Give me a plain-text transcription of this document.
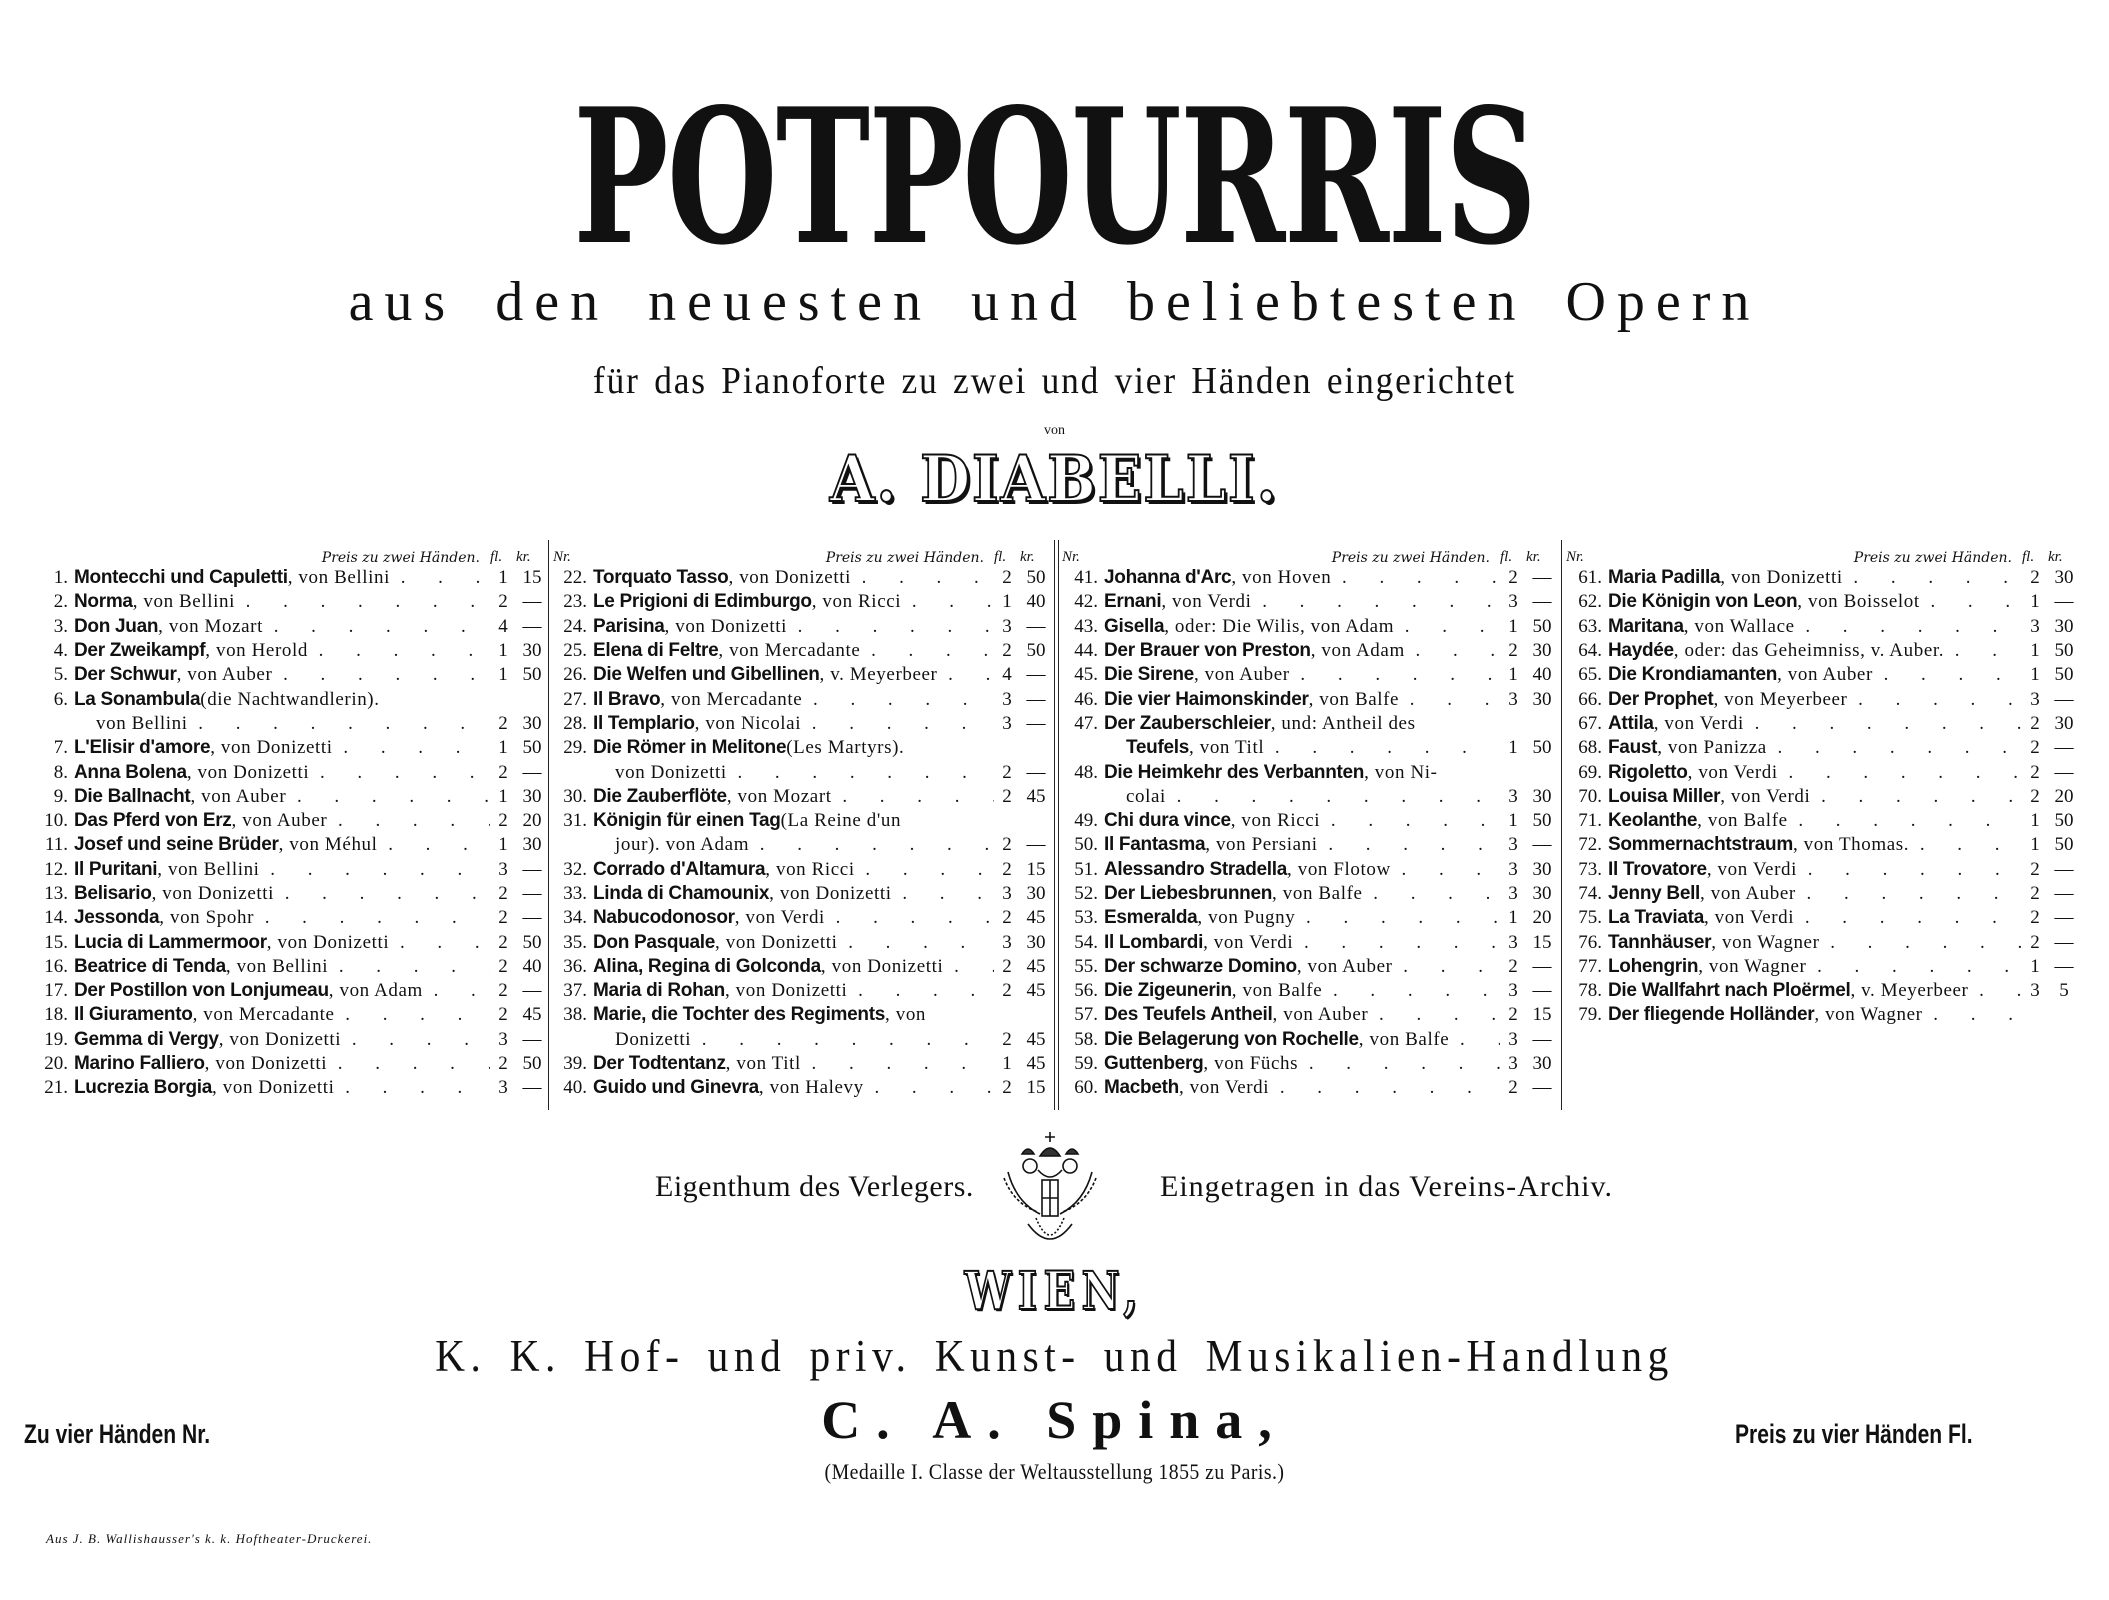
POTPOURRIS
aus den neuesten und beliebtesten Opern
für das Pianoforte zu zwei und vier Händen eingerichtet
von
A. DIABELLI.
Preis zu zwei Händen. fl. kr.
1. Montecchi und Capuletti , von Bellini .	1 15
2. Norma , von Bellini .	2 —
3. Don Juan , von Mozart .	4 —
4. Der Zweikampf , von Herold .	1 30
5. Der Schwur , von Auber .	1 50
6. La Sonambula (die Nachtwandlerin).
von Bellini .	2 30
7. L'Elisir d'amore , von Donizetti .	1 50
8. Anna Bolena , von Donizetti .	2 —
9. Die Ballnacht , von Auber .	1 30
10. Das Pferd von Erz , von Auber .	2 20
11. Josef und seine Brüder , von Méhul .	1 30
12. Il Puritani , von Bellini .	3 —
13. Belisario , von Donizetti .	2 —
14. Jessonda , von Spohr .	2 —
15. Lucia di Lammermoor , von Donizetti .	2 50
16. Beatrice di Tenda , von Bellini .	2 40
17. Der Postillon von Lonjumeau , von Adam .	2 —
18. Il Giuramento , von Mercadante .	2 45
19. Gemma di Vergy , von Donizetti .	3 —
20. Marino Falliero , von Donizetti .	2 50
21. Lucrezia Borgia , von Donizetti .	3 —
Nr.	Preis zu zwei Händen. fl. kr.
22. Torquato Tasso , von Donizetti .	2 50
23. Le Prigioni di Edimburgo , von Ricci .	1 40
24. Parisina , von Donizetti .	3 —
25. Elena di Feltre , von Mercadante .	2 50
26. Die Welfen und Gibellinen , v. Meyerbeer .	4 —
27. Il Bravo , von Mercadante .	3 —
28. Il Templario , von Nicolai .	3 —
29. Die Römer in Melitone (Les Martyrs).
von Donizetti .	2 —
30. Die Zauberflöte , von Mozart .	2 45
31. Königin für einen Tag (La Reine d'un
jour). von Adam .	2 —
32. Corrado d'Altamura , von Ricci .	2 15
33. Linda di Chamounix , von Donizetti .	3 30
34. Nabucodonosor , von Verdi .	2 45
35. Don Pasquale , von Donizetti .	3 30
36. Alina, Regina di Golconda , von Donizetti .	2 45
37. Maria di Rohan , von Donizetti .	2 45
38. Marie, die Tochter des Regiments , von
Donizetti .	2 45
39. Der Todtentanz , von Titl .	1 45
40. Guido und Ginevra , von Halevy .	2 15
Nr.	Preis zu zwei Händen. fl. kr.
41. Johanna d'Arc , von Hoven .	2 —
42. Ernani , von Verdi .	3 —
43. Gisella , oder: Die Wilis, von Adam .	1 50
44. Der Brauer von Preston , von Adam .	2 30
45. Die Sirene , von Auber .	1 40
46. Die vier Haimonskinder , von Balfe .	3 30
47. Der Zauberschleier , und: Antheil des
Teufels , von Titl .	1 50
48. Die Heimkehr des Verbannten , von Ni-
colai .	3 30
49. Chi dura vince , von Ricci .	1 50
50. Il Fantasma , von Persiani .	3 —
51. Alessandro Stradella , von Flotow .	3 30
52. Der Liebesbrunnen , von Balfe .	3 30
53. Esmeralda , von Pugny .	1 20
54. Il Lombardi , von Verdi .	3 15
55. Der schwarze Domino , von Auber .	2 —
56. Die Zigeunerin , von Balfe .	3 —
57. Des Teufels Antheil , von Auber .	2 15
58. Die Belagerung von Rochelle , von Balfe .	3 —
59. Guttenberg , von Füchs .	3 30
60. Macbeth , von Verdi .	2 —
Nr.	Preis zu zwei Händen. fl. kr.
61. Maria Padilla , von Donizetti .	2 30
62. Die Königin von Leon , von Boisselot .	1 —
63. Maritana , von Wallace .	3 30
64. Haydée , oder: das Geheimniss, v. Auber. .	1 50
65. Die Krondiamanten , von Auber .	1 50
66. Der Prophet , von Meyerbeer .	3 —
67. Attila , von Verdi .	2 30
68. Faust , von Panizza .	2 —
69. Rigoletto , von Verdi .	2 —
70. Louisa Miller , von Verdi .	2 20
71. Keolanthe , von Balfe .	1 50
72. Sommernachtstraum , von Thomas. .	1 50
73. Il Trovatore , von Verdi .	2 —
74. Jenny Bell , von Auber .	2 —
75. La Traviata , von Verdi .	2 —
76. Tannhäuser , von Wagner .	2 —
77. Lohengrin , von Wagner .	1 —
78. Die Wallfahrt nach Ploërmel , v. Meyerbeer .	3	5
79. Der fliegende Holländer , von Wagner
.
Eigenthum des Verlegers.	Eingetragen in das Vereins-Archiv.
WIEN,
K. K. Hof- und priv. Kunst- und Musikalien-Handlung
C. A. Spina,
(Medaille I. Classe der Weltausstellung 1855 zu Paris.)
Zu vier Händen Nr.	Preis zu vier Händen Fl.
Aus J. B. Wallishausser's k. k. Hoftheater-Druckerei.
